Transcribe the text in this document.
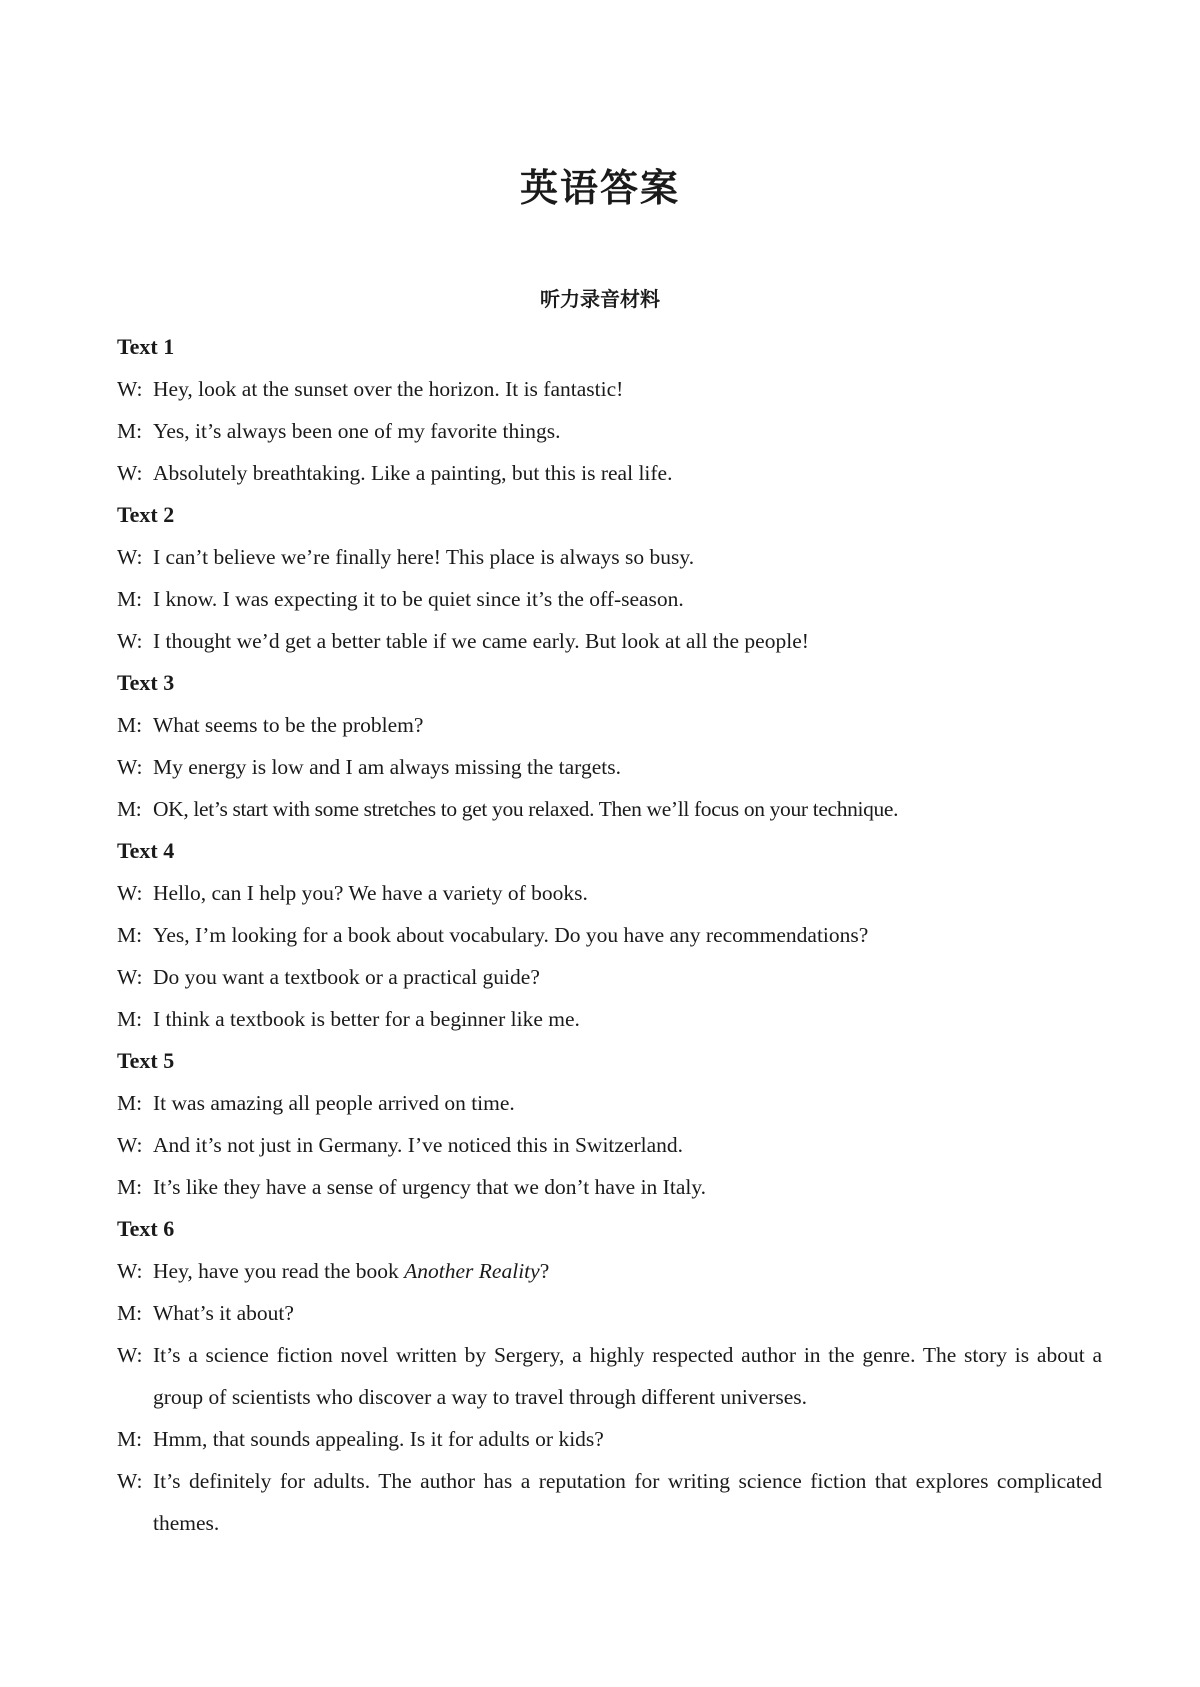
英语答案
听力录音材料
Text 1
W: Hey, look at the sunset over the horizon. It is fantastic!
M: Yes, it’s always been one of my favorite things.
W: Absolutely breathtaking. Like a painting, but this is real life.
Text 2
W: I can’t believe we’re finally here! This place is always so busy.
M: I know. I was expecting it to be quiet since it’s the off-season.
W: I thought we’d get a better table if we came early. But look at all the people!
Text 3
M: What seems to be the problem?
W: My energy is low and I am always missing the targets.
M: OK, let’s start with some stretches to get you relaxed. Then we’ll focus on your technique.
Text 4
W: Hello, can I help you? We have a variety of books.
M: Yes, I’m looking for a book about vocabulary. Do you have any recommendations?
W: Do you want a textbook or a practical guide?
M: I think a textbook is better for a beginner like me.
Text 5
M: It was amazing all people arrived on time.
W: And it’s not just in Germany. I’ve noticed this in Switzerland.
M: It’s like they have a sense of urgency that we don’t have in Italy.
Text 6
W: Hey, have you read the book Another Reality?
M: What’s it about?
W: It’s a science fiction novel written by Sergery, a highly respected author in the genre. The story is about a group of scientists who discover a way to travel through different universes.
M: Hmm, that sounds appealing. Is it for adults or kids?
W: It’s definitely for adults. The author has a reputation for writing science fiction that explores complicated themes.
